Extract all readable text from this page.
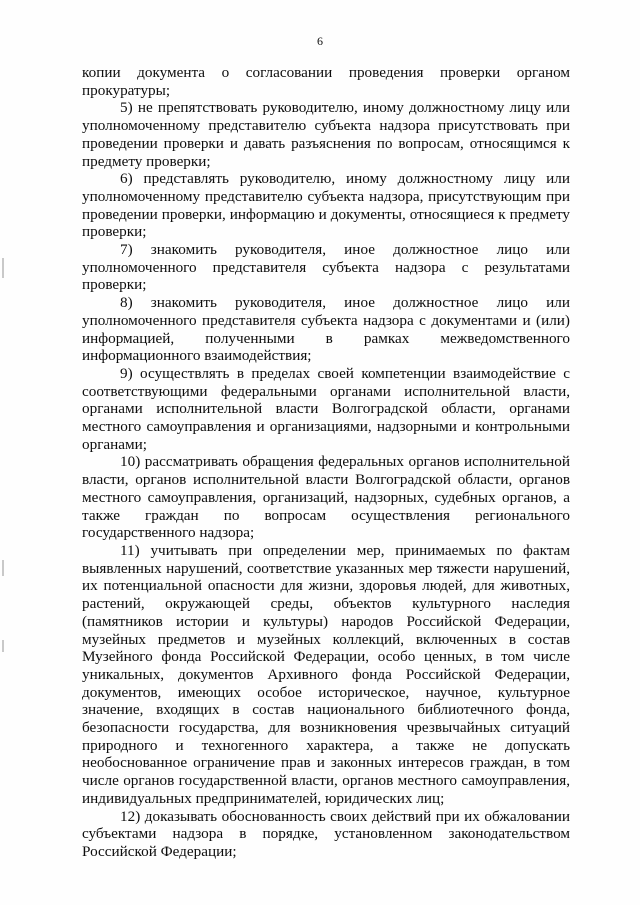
6

копии документа о согласовании проведения проверки органом прокуратуры;

5) не препятствовать руководителю, иному должностному лицу или уполномоченному представителю субъекта надзора присутствовать при проведении проверки и давать разъяснения по вопросам, относящимся к предмету проверки;

6) представлять руководителю, иному должностному лицу или уполномоченному представителю субъекта надзора, присутствующим при проведении проверки, информацию и документы, относящиеся к предмету проверки;

7) знакомить руководителя, иное должностное лицо или уполномоченного представителя субъекта надзора с результатами проверки;

8) знакомить руководителя, иное должностное лицо или уполномоченного представителя субъекта надзора с документами и (или) информацией, полученными в рамках межведомственного информационного взаимодействия;

9) осуществлять в пределах своей компетенции взаимодействие с соответствующими федеральными органами исполнительной власти, органами исполнительной власти Волгоградской области, органами местного самоуправления и организациями, надзорными и контрольными органами;

10) рассматривать обращения федеральных органов исполнительной власти, органов исполнительной власти Волгоградской области, органов местного самоуправления, организаций, надзорных, судебных органов, а также граждан по вопросам осуществления регионального государственного надзора;

11) учитывать при определении мер, принимаемых по фактам выявленных нарушений, соответствие указанных мер тяжести нарушений, их потенциальной опасности для жизни, здоровья людей, для животных, растений, окружающей среды, объектов культурного наследия (памятников истории и культуры) народов Российской Федерации, музейных предметов и музейных коллекций, включенных в состав Музейного фонда Российской Федерации, особо ценных, в том числе уникальных, документов Архивного фонда Российской Федерации, документов, имеющих особое историческое, научное, культурное значение, входящих в состав национального библиотечного фонда, безопасности государства, для возникновения чрезвычайных ситуаций природного и техногенного характера, а также не допускать необоснованное ограничение прав и законных интересов граждан, в том числе органов государственной власти, органов местного самоуправления, индивидуальных предпринимателей, юридических лиц;

12) доказывать обоснованность своих действий при их обжаловании субъектами надзора в порядке, установленном законодательством Российской Федерации;
